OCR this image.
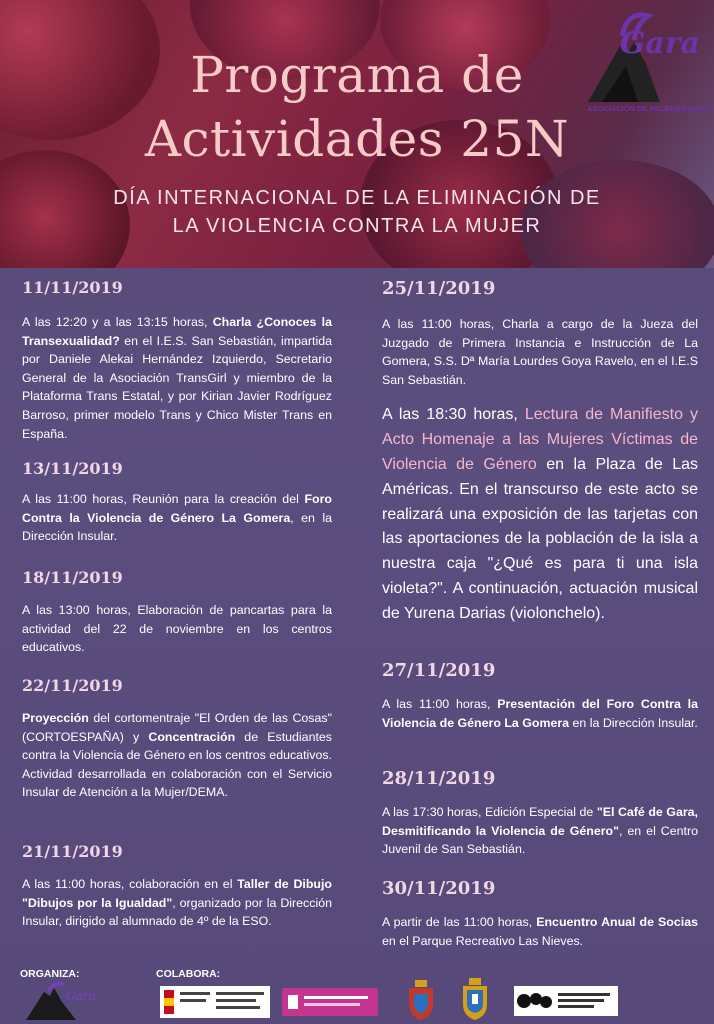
Programa de
Actividades 25N
DÍA INTERNACIONAL DE LA ELIMINACIÓN DE
LA VIOLENCIA CONTRA LA MUJER
Gara
ASOCIACIÓN DE MUJERES GARA

11/11/2019

A las 12:20 y a las 13:15 horas, Charla ¿Conoces la Transexualidad? en el I.E.S. San Sebastián, impartida por Daniele Alekai Hernández Izquierdo, Secretario General de la Asociación TransGirl y miembro de la Plataforma Trans Estatal, y por Kirian Javier Rodríguez Barroso, primer modelo Trans y Chico Mister Trans en España.

13/11/2019

A las 11:00 horas, Reunión para la creación del Foro Contra la Violencia de Género La Gomera, en la Dirección Insular.

18/11/2019

A las 13:00 horas, Elaboración de pancartas para la actividad del 22 de noviembre en los centros educativos.

22/11/2019

Proyección del cortomentraje "El Orden de las Cosas" (CORTOESPAÑA) y Concentración de Estudiantes contra la Violencia de Género en los centros educativos. Actividad desarrollada en colaboración con el Servicio Insular de Atención a la Mujer/DEMA.

21/11/2019

A las 11:00 horas, colaboración en el Taller de Dibujo "Dibujos por la Igualdad", organizado por la Dirección Insular, dirigido al alumnado de 4º de la ESO.

25/11/2019

A las 11:00 horas, Charla a cargo de la Jueza del Juzgado de Primera Instancia e Instrucción de La Gomera, S.S. Dª María Lourdes Goya Ravelo, en el I.E.S San Sebastián.

A las 18:30 horas, Lectura de Manifiesto y Acto Homenaje a las Mujeres Víctimas de Violencia de Género en la Plaza de Las Américas. En el transcurso de este acto se realizará una exposición de las tarjetas con las aportaciones de la población de la isla a nuestra caja "¿Qué es para ti una isla violeta?". A continuación, actuación musical de Yurena Darias (violonchelo).

27/11/2019

A las 11:00 horas, Presentación del Foro Contra la Violencia de Género La Gomera en la Dirección Insular.

28/11/2019

A las 17:30 horas, Edición Especial de "El Café de Gara, Desmitificando la Violencia de Género", en el Centro Juvenil de San Sebastián.

30/11/2019

A partir de las 11:00 horas, Encuentro Anual de Socias en el Parque Recreativo Las Nieves.

ORGANIZA:	COLABORA:
Gara
